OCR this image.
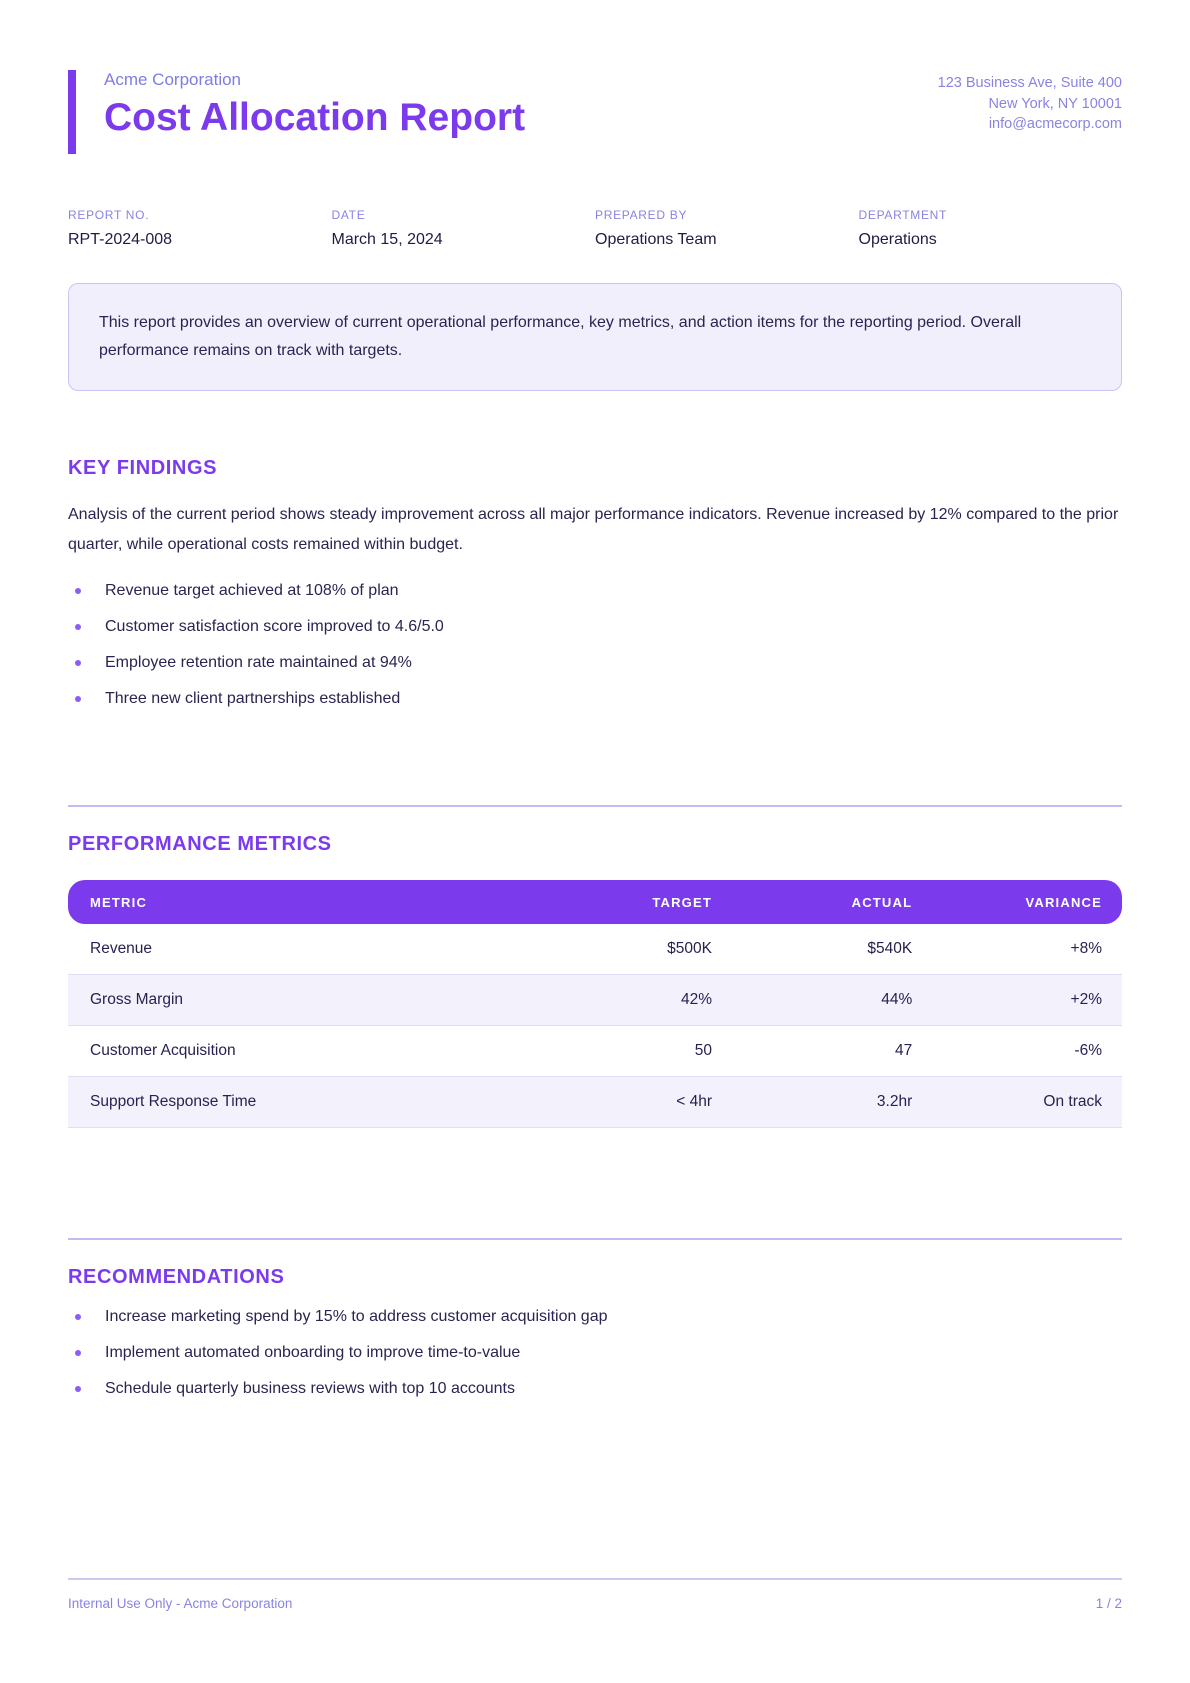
Acme Corporation
Cost Allocation Report
123 Business Ave, Suite 400
New York, NY 10001
info@acmecorp.com
REPORT NO.
RPT-2024-008
DATE
March 15, 2024
PREPARED BY
Operations Team
DEPARTMENT
Operations
This report provides an overview of current operational performance, key metrics, and action items for the reporting period. Overall performance remains on track with targets.
KEY FINDINGS

Analysis of the current period shows steady improvement across all major performance indicators. Revenue increased by 12% compared to the prior quarter, while operational costs remained within budget.

Revenue target achieved at 108% of plan
Customer satisfaction score improved to 4.6/5.0
Employee retention rate maintained at 94%
Three new client partnerships established
PERFORMANCE METRICS
METRIC	TARGET	ACTUAL	VARIANCE
Revenue	$500K	$540K	+8%
Gross Margin	42%	44%	+2%
Customer Acquisition	50	47	-6%
Support Response Time	< 4hr	3.2hr	On track
RECOMMENDATIONS
Increase marketing spend by 15% to address customer acquisition gap
Implement automated onboarding to improve time-to-value
Schedule quarterly business reviews with top 10 accounts
Internal Use Only - Acme Corporation	1 / 2
